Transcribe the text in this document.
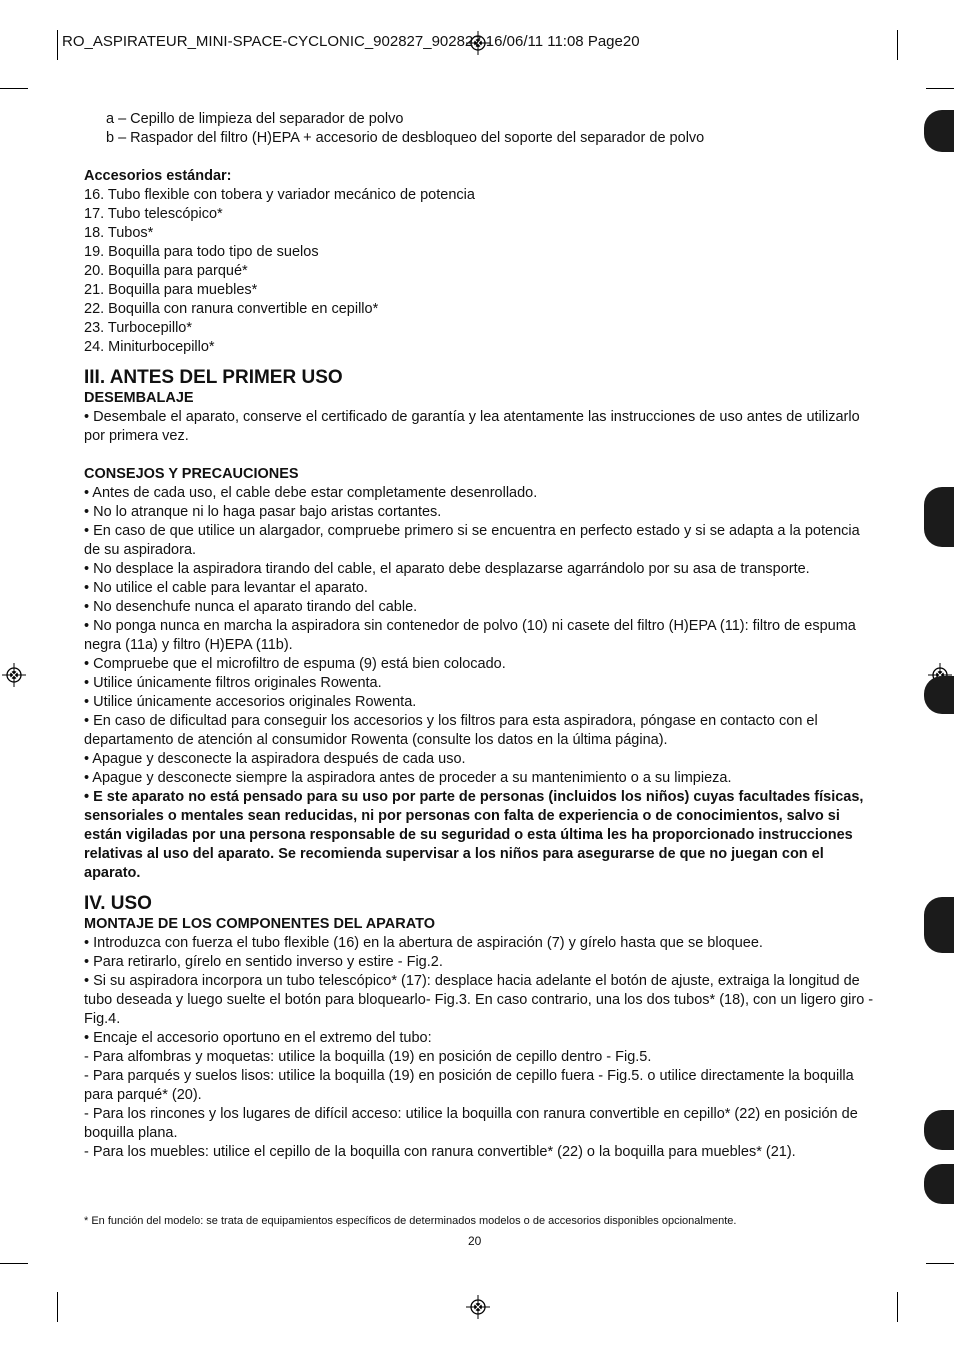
RO_ASPIRATEUR_MINI-SPACE-CYCLONIC_902827_902827 16/06/11 11:08 Page20

a – Cepillo de limpieza del separador de polvo

b – Raspador del filtro (H)EPA + accesorio de desbloqueo del soporte del separador de polvo

Accesorios estándar:

16. Tubo flexible con tobera y variador mecánico de potencia

17. Tubo telescópico*

18. Tubos*

19. Boquilla para todo tipo de suelos

20. Boquilla para parqué*

21. Boquilla para muebles*

22. Boquilla con ranura convertible en cepillo*

23. Turbocepillo*

24. Miniturbocepillo*

III. ANTES DEL PRIMER USO

DESEMBALAJE

• Desembale el aparato, conserve el certificado de garantía y lea atentamente las instrucciones de uso antes de utilizarlo por primera vez.

CONSEJOS Y PRECAUCIONES

• Antes de cada uso, el cable debe estar completamente desenrollado.

• No lo atranque ni lo haga pasar bajo aristas cortantes.

• En caso de que utilice un alargador, compruebe primero si se encuentra en perfecto estado y si se adapta a la potencia de su aspiradora.

• No desplace la aspiradora tirando del cable, el aparato debe desplazarse agarrándolo por su asa de transporte.

• No utilice el cable para levantar el aparato.

• No desenchufe nunca el aparato tirando del cable.

• No ponga nunca en marcha la aspiradora sin contenedor de polvo (10) ni casete del filtro (H)EPA (11): filtro de espuma negra (11a) y filtro (H)EPA (11b).

• Compruebe que el microfiltro de espuma (9) está bien colocado.

• Utilice únicamente filtros originales Rowenta.

• Utilice únicamente accesorios originales Rowenta.

• En caso de dificultad para conseguir los accesorios y los filtros para esta aspiradora, póngase en contacto con el departamento de atención al consumidor Rowenta (consulte los datos en la última página).

• Apague y desconecte la aspiradora después de cada uso.

• Apague y desconecte siempre la aspiradora antes de proceder a su mantenimiento o a su limpieza.

• E ste aparato no está pensado para su uso por parte de personas (incluidos los niños) cuyas facultades físicas, sensoriales o mentales sean reducidas, ni por personas con falta de experiencia o de conocimientos, salvo si están vigiladas por una persona responsable de su seguridad o esta última les ha proporcionado instrucciones relativas al uso del aparato. Se recomienda supervisar a los niños para asegurarse de que no juegan con el aparato.

IV. USO

MONTAJE DE LOS COMPONENTES DEL APARATO

• Introduzca con fuerza el tubo flexible (16) en la abertura de aspiración (7) y gírelo hasta que se bloquee.

• Para retirarlo, gírelo en sentido inverso y estire - Fig.2.

• Si su aspiradora incorpora un tubo telescópico* (17): desplace hacia adelante el botón de ajuste, extraiga la longitud de tubo deseada y luego suelte el botón para bloquearlo- Fig.3. En caso contrario, una los dos tubos* (18), con un ligero giro - Fig.4.

• Encaje el accesorio oportuno en el extremo del tubo:

- Para alfombras y moquetas: utilice la boquilla (19) en posición de cepillo dentro - Fig.5.

- Para parqués y suelos lisos: utilice la boquilla (19) en posición de cepillo fuera - Fig.5. o utilice directamente la boquilla para parqué* (20).

- Para los rincones y los lugares de difícil acceso: utilice la boquilla con ranura convertible en cepillo* (22) en posición de boquilla plana.

- Para los muebles: utilice el cepillo de la boquilla con ranura convertible* (22) o la boquilla para muebles* (21).

* En función del modelo: se trata de equipamientos específicos de determinados modelos o de accesorios disponibles opcionalmente.
20
